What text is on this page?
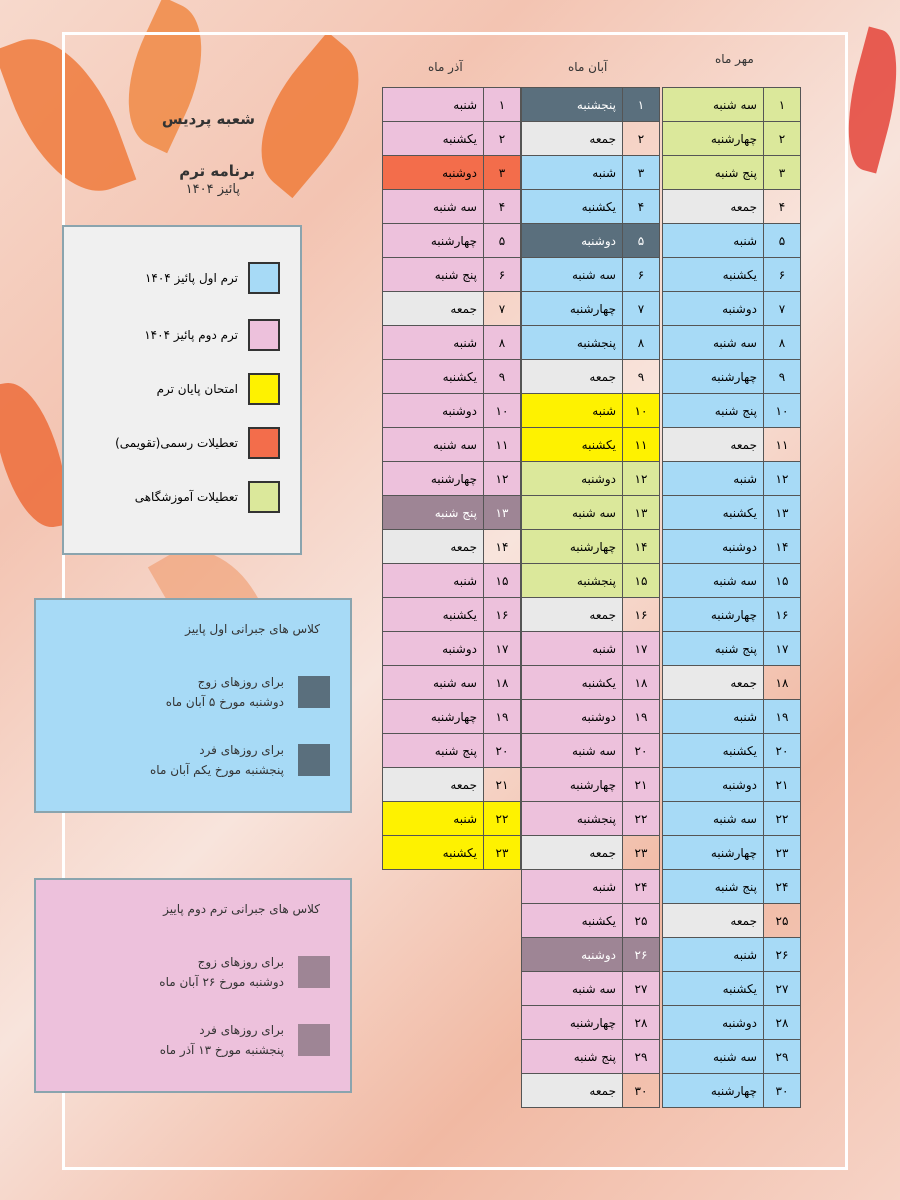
مهر ماه
آبان ماه
آذر ماه
۱	سه شنبه
۲	چهارشنبه
۳	پنج شنبه
۴	جمعه
۵	شنبه
۶	یکشنبه
۷	دوشنبه
۸	سه شنبه
۹	چهارشنبه
۱۰	پنج شنبه
۱۱	جمعه
۱۲	شنبه
۱۳	یکشنبه
۱۴	دوشنبه
۱۵	سه شنبه
۱۶	چهارشنبه
۱۷	پنج شنبه
۱۸	جمعه
۱۹	شنبه
۲۰	یکشنبه
۲۱	دوشنبه
۲۲	سه شنبه
۲۳	چهارشنبه
۲۴	پنج شنبه
۲۵	جمعه
۲۶	شنبه
۲۷	یکشنبه
۲۸	دوشنبه
۲۹	سه شنبه
۳۰	چهارشنبه
۱	پنجشنبه
۲	جمعه
۳	شنبه
۴	یکشنبه
۵	دوشنبه
۶	سه شنبه
۷	چهارشنبه
۸	پنجشنبه
۹	جمعه
۱۰	شنبه
۱۱	یکشنبه
۱۲	دوشنبه
۱۳	سه شنبه
۱۴	چهارشنبه
۱۵	پنجشنبه
۱۶	جمعه
۱۷	شنبه
۱۸	یکشنبه
۱۹	دوشنبه
۲۰	سه شنبه
۲۱	چهارشنبه
۲۲	پنجشنبه
۲۳	جمعه
۲۴	شنبه
۲۵	یکشنبه
۲۶	دوشنبه
۲۷	سه شنبه
۲۸	چهارشنبه
۲۹	پنج شنبه
۳۰	جمعه
۱	شنبه
۲	یکشنبه
۳	دوشنبه
۴	سه شنبه
۵	چهارشنبه
۶	پنج شنبه
۷	جمعه
۸	شنبه
۹	یکشنبه
۱۰	دوشنبه
۱۱	سه شنبه
۱۲	چهارشنبه
۱۳	پنج شنبه
۱۴	جمعه
۱۵	شنبه
۱۶	یکشنبه
۱۷	دوشنبه
۱۸	سه شنبه
۱۹	چهارشنبه
۲۰	پنج شنبه
۲۱	جمعه
۲۲	شنبه
۲۳	یکشنبه
شعبه پردیس
برنامه ترم
پائیز ۱۴۰۴
ترم اول پائیز ۱۴۰۴
ترم دوم پائیز ۱۴۰۴
امتحان پایان ترم
تعطیلات رسمی(تقویمی)
تعطیلات آموزشگاهی
کلاس های جبرانی اول پاییز
برای روزهای زوج
دوشنبه مورخ ۵ آبان ماه
برای روزهای فرد
پنجشنبه مورخ یکم آبان ماه
کلاس های جبرانی ترم دوم پاییز
برای روزهای زوج
دوشنبه مورخ ۲۶ آبان ماه
برای روزهای فرد
پنجشنبه مورخ ۱۳ آذر ماه
